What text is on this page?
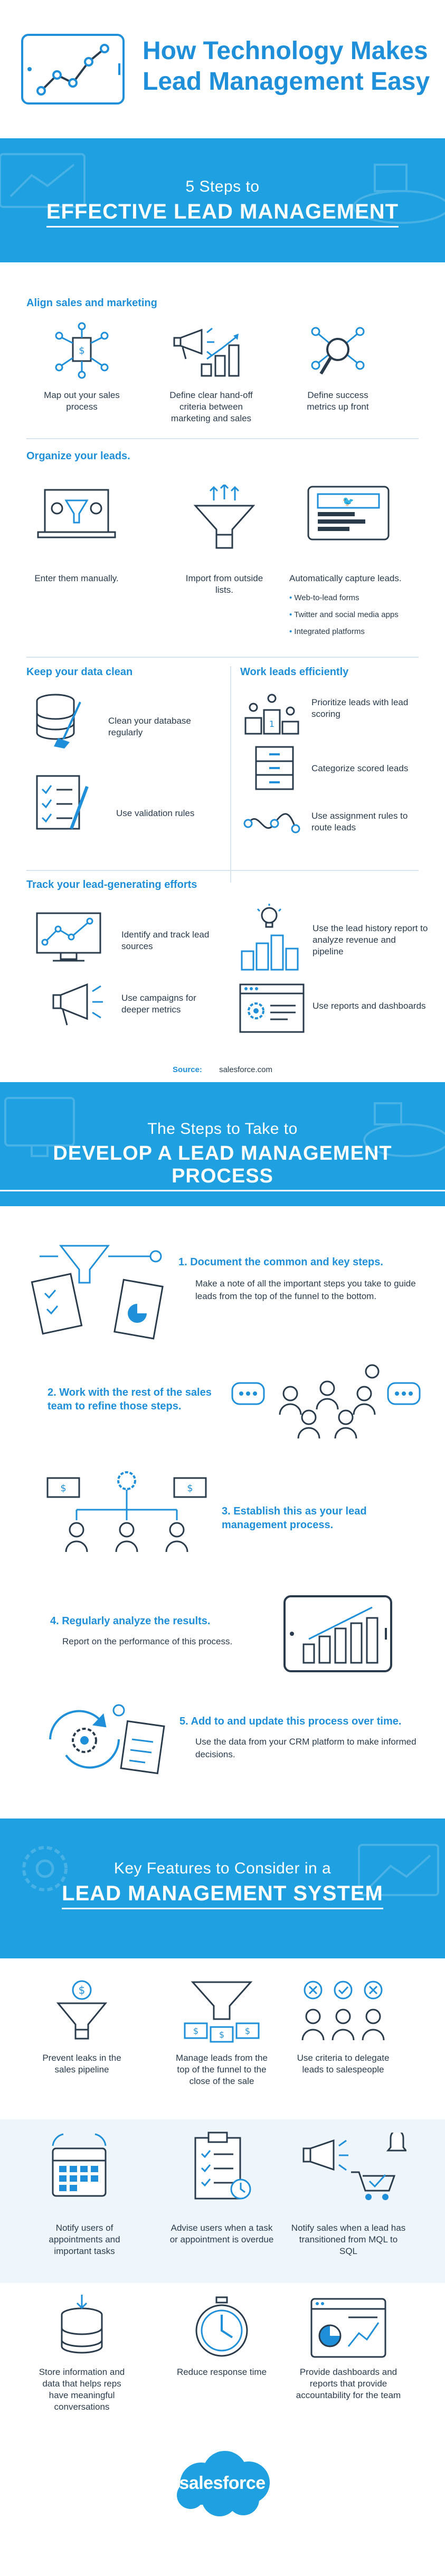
How Technology Makes
Lead Management Easy
5 Steps to
EFFECTIVE LEAD MANAGEMENT
Align sales and marketing
$
Map out your sales process
Define clear hand-off criteria between marketing and sales
Define success metrics up front
Organize your leads.
Enter them manually.	Import from outside lists.
🐦
Automatically capture leads.
• Web-to-lead forms
• Twitter and social media apps
• Integrated platforms
Keep your data clean	Work leads efficiently
Clean your database regularly
Use validation rules
1
Prioritize leads with lead scoring
Categorize scored leads
Use assignment rules to route leads
Track your lead-generating efforts
Identify and track lead sources
Use the lead history report to analyze revenue and pipeline
Use campaigns for deeper metrics	Use reports and dashboards
Source: salesforce.com
The Steps to Take to
DEVELOP A LEAD MANAGEMENT PROCESS
1. Document the common and key steps.
Make a note of all the important steps you take to guide leads from the top of the funnel to the bottom.
2. Work with the rest of the sales team to refine those steps.
$	$
3. Establish this as your lead management process.
4. Regularly analyze the results.
Report on the performance of this process.
5. Add to and update this process over time.
Use the data from your CRM platform to make informed decisions.
Key Features to Consider in a
LEAD MANAGEMENT SYSTEM
$
Prevent leaks in the sales pipeline
$ $ $
Manage leads from the top of the funnel to the close of the sale
Use criteria to delegate leads to salespeople
Notify users of appointments and important tasks
Advise users when a task or appointment is overdue
Notify sales when a lead has transitioned from MQL to SQL
Store information and data that helps reps have meaningful conversations
Reduce response time	Provide dashboards and reports that provide accountability for the team
salesforce
